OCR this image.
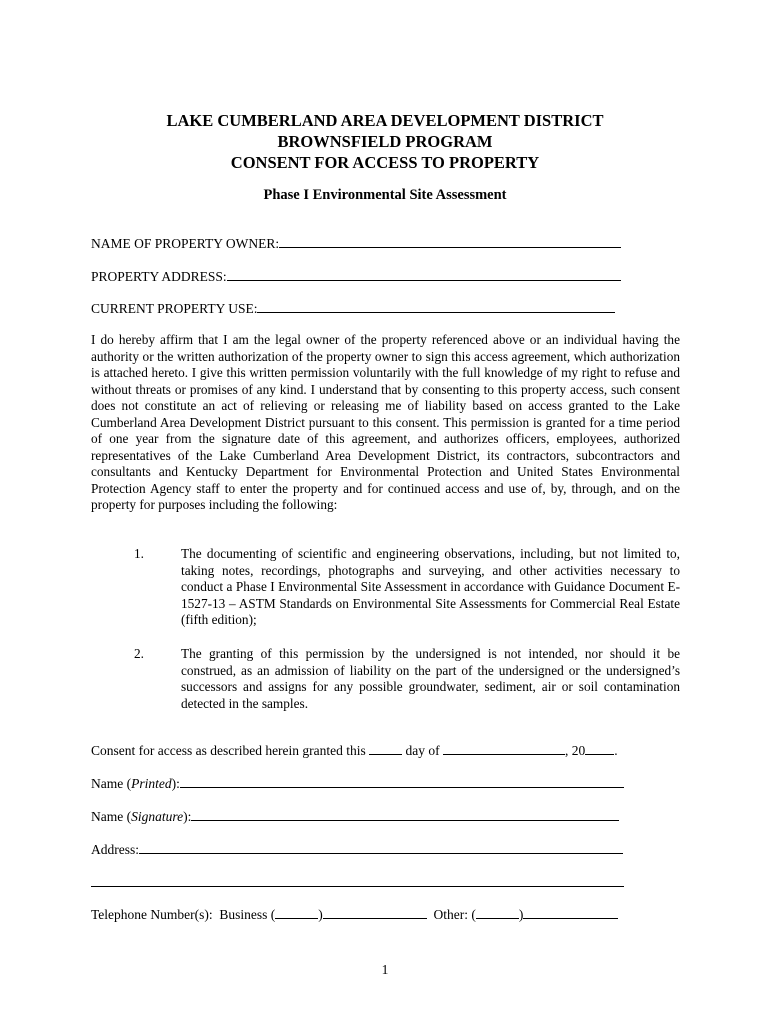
LAKE CUMBERLAND AREA DEVELOPMENT DISTRICT
BROWNSFIELD PROGRAM
CONSENT FOR ACCESS TO PROPERTY
Phase I Environmental Site Assessment
NAME OF PROPERTY OWNER:
PROPERTY ADDRESS:
CURRENT PROPERTY USE:
I do hereby affirm that I am the legal owner of the property referenced above or an individual having the authority or the written authorization of the property owner to sign this access agreement, which authorization is attached hereto. I give this written permission voluntarily with the full knowledge of my right to refuse and without threats or promises of any kind. I understand that by consenting to this property access, such consent does not constitute an act of relieving or releasing me of liability based on access granted to the Lake Cumberland Area Development District pursuant to this consent. This permission is granted for a time period of one year from the signature date of this agreement, and authorizes officers, employees, authorized representatives of the Lake Cumberland Area Development District, its contractors, subcontractors and consultants and Kentucky Department for Environmental Protection and United States Environmental Protection Agency staff to enter the property and for continued access and use of, by, through, and on the property for purposes including the following:
1.	The documenting of scientific and engineering observations, including, but not limited to, taking notes, recordings, photographs and surveying, and other activities necessary to conduct a Phase I Environmental Site Assessment in accordance with Guidance Document E-1527-13 – ASTM Standards on Environmental Site Assessments for Commercial Real Estate (fifth edition);
2.	The granting of this permission by the undersigned is not intended, nor should it be construed, as an admission of liability on the part of the undersigned or the undersigned’s successors and assigns for any possible groundwater, sediment, air or soil contamination detected in the samples.
Consent for access as described herein granted this	day of	, 20 .
Name (Printed):
Name (Signature):
Address:
Telephone Number(s):  Business (	)	Other: (	)
1
